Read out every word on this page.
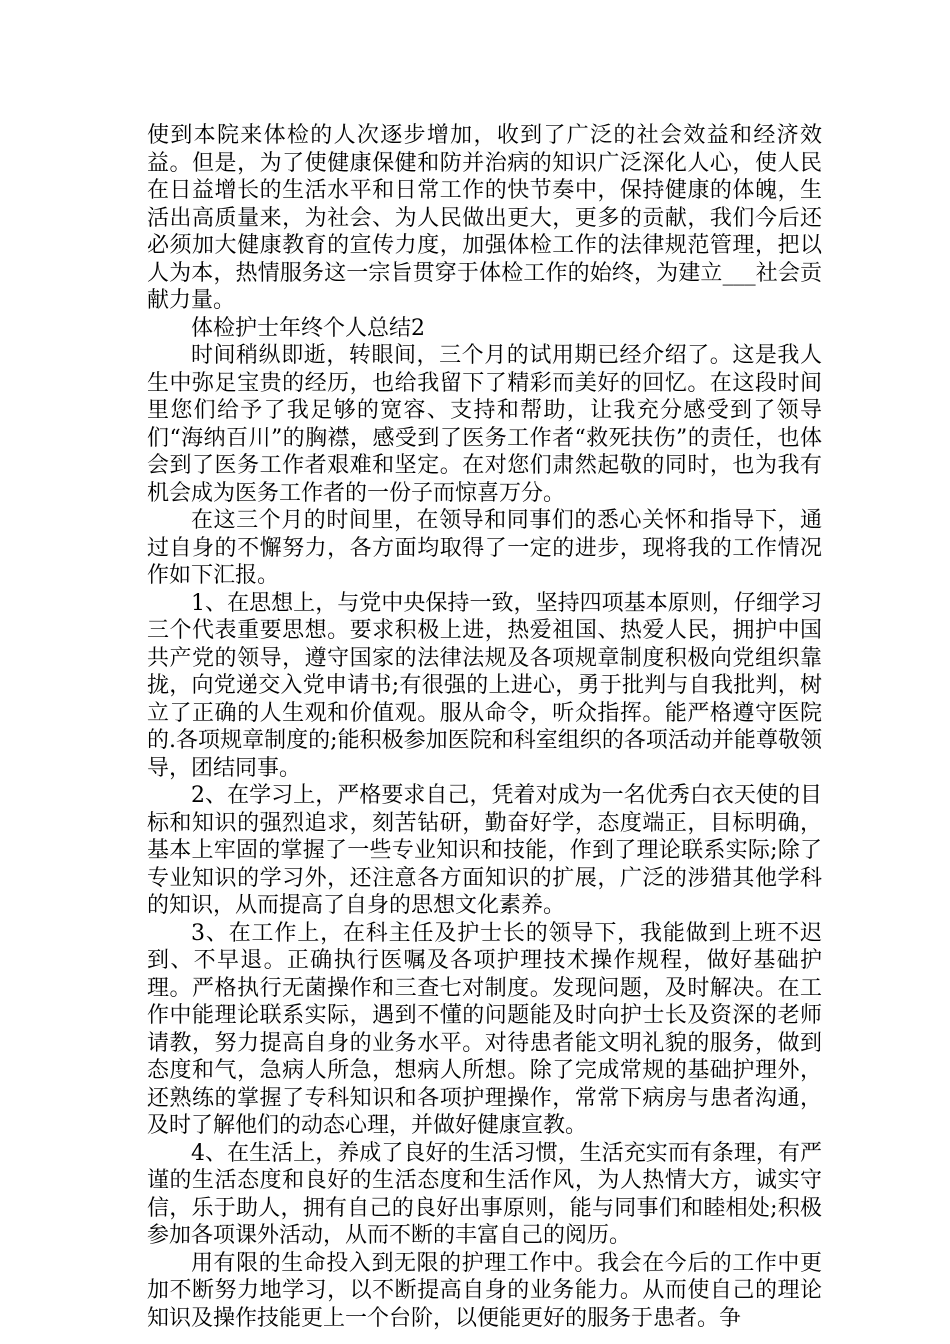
使到本院来体检的人次逐步增加，收到了广泛的社会效益和经济效益。但是，为了使健康保健和防并治病的知识广泛深化人心，使人民在日益增长的生活水平和日常工作的快节奏中，保持健康的体魄，生活出高质量来，为社会、为人民做出更大，更多的贡献，我们今后还必须加大健康教育的宣传力度，加强体检工作的法律规范管理，把以人为本，热情服务这一宗旨贯穿于体检工作的始终，为建立___社会贡献力量。

体检护士年终个人总结2

时间稍纵即逝，转眼间，三个月的试用期已经介绍了。这是我人生中弥足宝贵的经历，也给我留下了精彩而美好的回忆。在这段时间里您们给予了我足够的宽容、支持和帮助，让我充分感受到了领导们“海纳百川”的胸襟，感受到了医务工作者“救死扶伤”的责任，也体会到了医务工作者艰难和坚定。在对您们肃然起敬的同时，也为我有机会成为医务工作者的一份子而惊喜万分。

在这三个月的时间里，在领导和同事们的悉心关怀和指导下，通过自身的不懈努力，各方面均取得了一定的进步，现将我的工作情况作如下汇报。

1、在思想上，与党中央保持一致，坚持四项基本原则，仔细学习三个代表重要思想。要求积极上进，热爱祖国、热爱人民，拥护中国共产党的领导，遵守国家的法律法规及各项规章制度积极向党组织靠拢，向党递交入党申请书;有很强的上进心，勇于批判与自我批判，树立了正确的人生观和价值观。服从命令，听众指挥。能严格遵守医院的.各项规章制度的;能积极参加医院和科室组织的各项活动并能尊敬领导，团结同事。

2、在学习上，严格要求自己，凭着对成为一名优秀白衣天使的目标和知识的强烈追求，刻苦钻研，勤奋好学，态度端正，目标明确，基本上牢固的掌握了一些专业知识和技能，作到了理论联系实际;除了专业知识的学习外，还注意各方面知识的扩展，广泛的涉猎其他学科的知识，从而提高了自身的思想文化素养。

3、在工作上，在科主任及护士长的领导下，我能做到上班不迟到、不早退。正确执行医嘱及各项护理技术操作规程，做好基础护理。严格执行无菌操作和三查七对制度。发现问题，及时解决。在工作中能理论联系实际，遇到不懂的问题能及时向护士长及资深的老师请教，努力提高自身的业务水平。对待患者能文明礼貌的服务，做到态度和气，急病人所急，想病人所想。除了完成常规的基础护理外，还熟练的掌握了专科知识和各项护理操作，常常下病房与患者沟通，及时了解他们的动态心理，并做好健康宣教。

4、在生活上，养成了良好的生活习惯，生活充实而有条理，有严谨的生活态度和良好的生活态度和生活作风，为人热情大方，诚实守信，乐于助人，拥有自己的良好出事原则，能与同事们和睦相处;积极参加各项课外活动，从而不断的丰富自己的阅历。

用有限的生命投入到无限的护理工作中。我会在今后的工作中更加不断努力地学习，以不断提高自身的业务能力。从而使自己的理论知识及操作技能更上一个台阶，以便能更好的服务于患者。争
